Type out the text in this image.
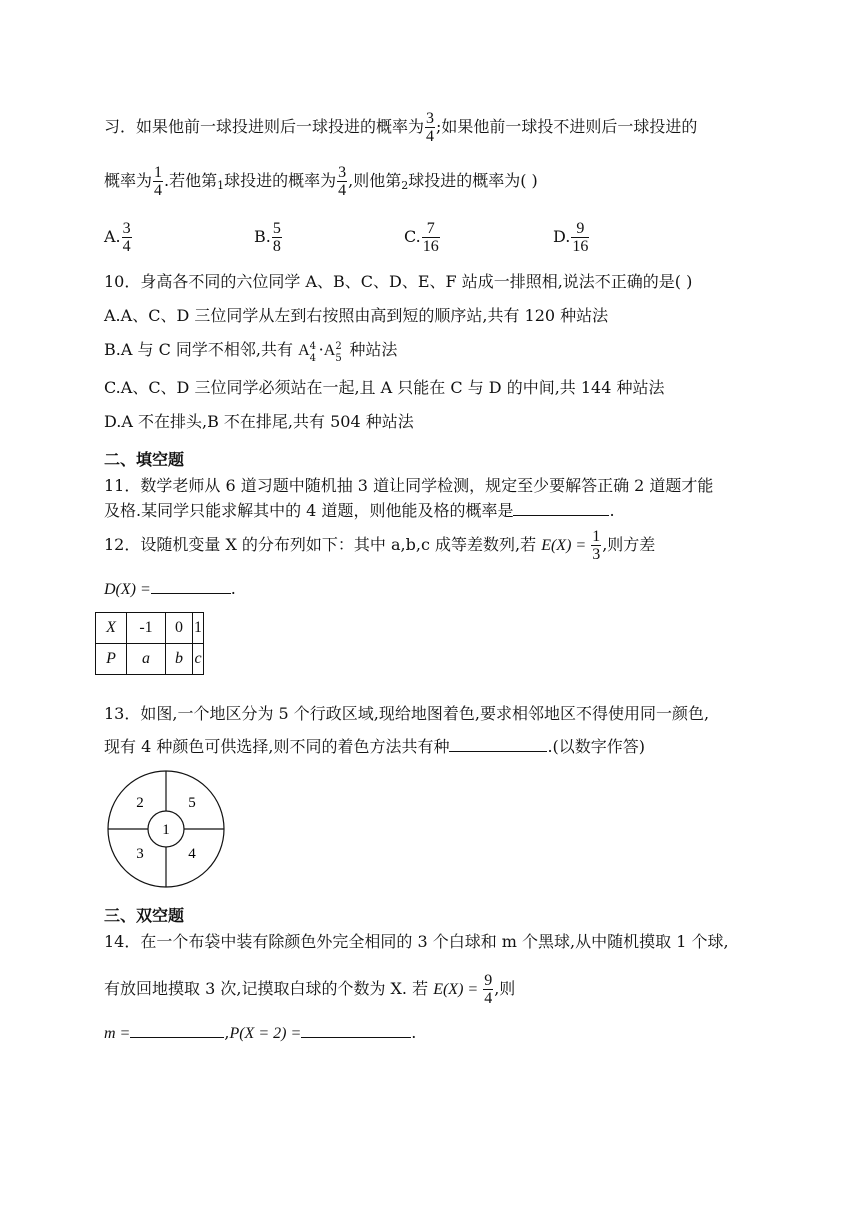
习．如果他前一球投进则后一球投进的概率为 $\frac{3}{4}$ ;如果他前一球投不进则后一球投进的
概率为 $\frac{1}{4}$ .若他第$_1$球投进的概率为 $\frac{3}{4}$ ,则他第$_2$球投进的概率为( )
A. $\frac{3}{4}$	B. $\frac{5}{8}$	C. $\frac{7}{16}$	D. $\frac{9}{16}$
10．身高各不同的六位同学 A、B、C、D、E、F 站成一排照相,说法不正确的是( )
A.A、C、D 三位同学从左到右按照由高到短的顺序站,共有 120 种站法
B.A 与 C 同学不相邻,共有 A 4
4 ·A 2
5 种站法
C.A、C、D 三位同学必须站在一起,且 A 只能在 C 与 D 的中间,共 144 种站法
D.A 不在排头,B 不在排尾,共有 504 种站法
二、填空题
11．数学老师从 6 道习题中随机抽 3 道让同学检测，规定至少要解答正确 2 道题才能
及格.某同学只能求解其中的 4 道题，则他能及格的概率是	.
12．设随机变量 X 的分布列如下：其中 a,b,c 成等差数列,若 $E(X) = \frac{1}{3}$ ,则方差
D(X) =	.
X	-1	0	1
P	a	b	c
13．如图,一个地区分为 5 个行政区域,现给地图着色,要求相邻地区不得使用同一颜色,
现有 4 种颜色可供选择,则不同的着色方法共有种	.(以数字作答)
2	5
1
3	4
三、双空题
14．在一个布袋中装有除颜色外完全相同的 3 个白球和 m 个黑球,从中随机摸取 1 个球,
有放回地摸取 3 次,记摸取白球的个数为 X. 若 $E(X) = \frac{9}{4}$ ,则
m =	,P(X = 2) =	.
